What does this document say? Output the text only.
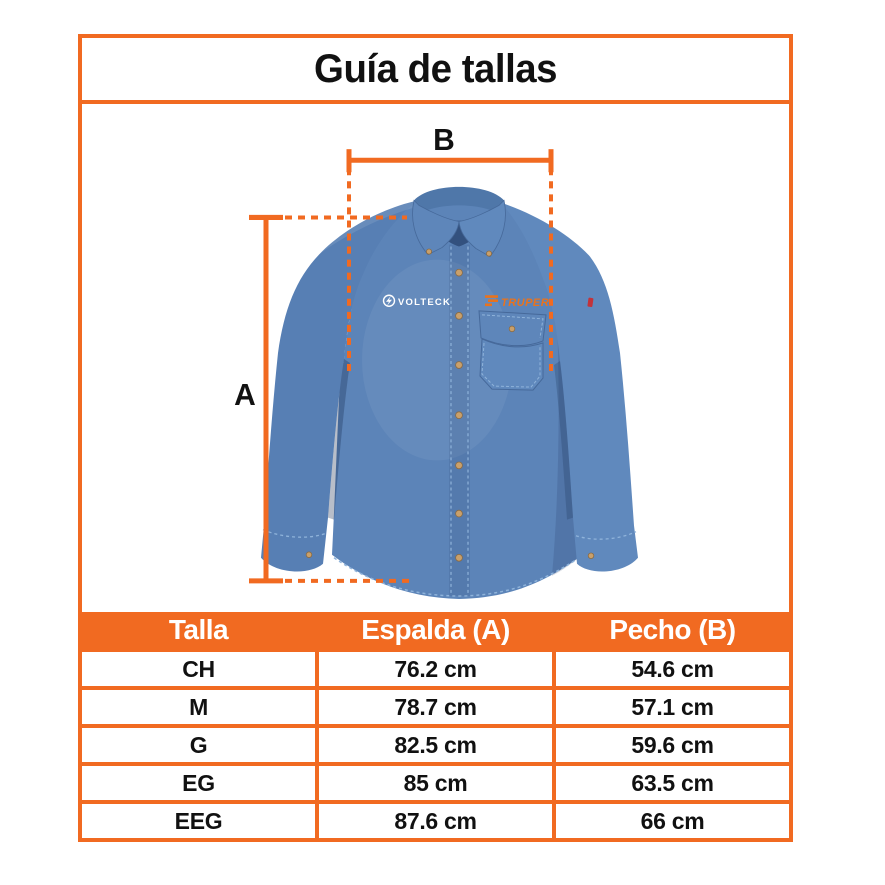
Guía de tallas
VOLTECK	TRUPER
A
B
Talla	Espalda (A)	Pecho (B)
CH	76.2 cm	54.6 cm
M	78.7 cm	57.1 cm
G	82.5 cm	59.6 cm
EG	85 cm	63.5 cm
EEG	87.6 cm	66 cm
